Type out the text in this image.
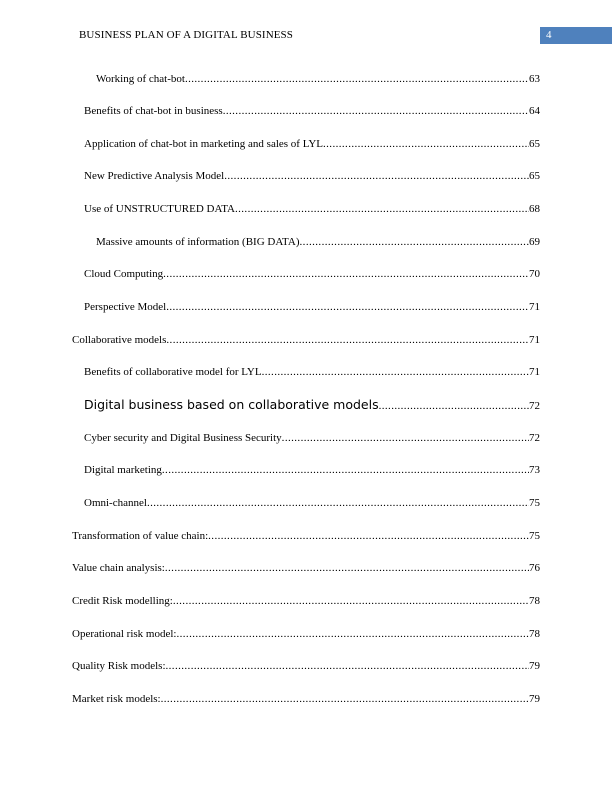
BUSINESS PLAN OF A DIGITAL BUSINESS	4
Working of chat-bot .....	63
Benefits of chat-bot in business .....	64
Application of chat-bot in marketing and sales of LYL .....	65
New Predictive Analysis Model .....	65
Use of UNSTRUCTURED DATA .....	68
Massive amounts of information (BIG DATA) .....	69
Cloud Computing .....	70
Perspective Model .....	71
Collaborative models .....	71
Benefits of collaborative model for LYL .....	71
Digital business based on collaborative models .....	72
Cyber security and Digital Business Security .....	72
Digital marketing .....	73
Omni-channel .....	75
Transformation of value chain: .....	75
Value chain analysis: .....	76
Credit Risk modelling: .....	78
Operational risk model: .....	78
Quality Risk models: .....	79
Market risk models: .....	79
